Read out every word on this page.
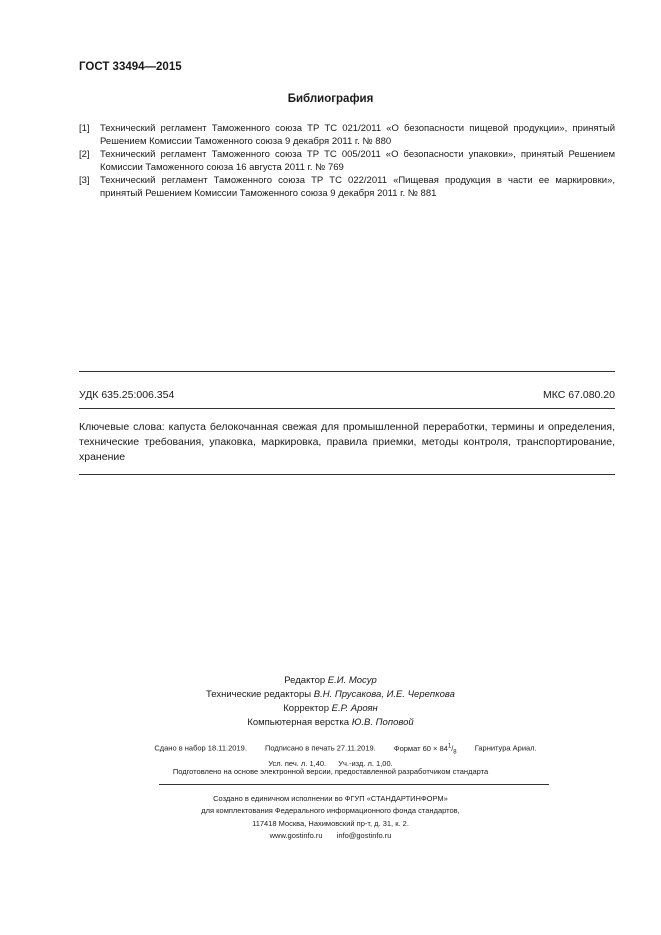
ГОСТ 33494—2015
Библиография
[1]	Технический регламент Таможенного союза ТР ТС 021/2011 «О безопасности пищевой продукции», принятый Решением Комиссии Таможенного союза 9 декабря 2011 г. № 880
[2]	Технический регламент Таможенного союза ТР ТС 005/2011 «О безопасности упаковки», принятый Решением Комиссии Таможенного союза 16 августа 2011 г. № 769
[3]	Технический регламент Таможенного союза ТР ТС 022/2011 «Пищевая продукция в части ее маркировки», принятый Решением Комиссии Таможенного союза 9 декабря 2011 г. № 881
УДК 635.25:006.354	МКС 67.080.20
Ключевые слова: капуста белокочанная свежая для промышленной переработки, термины и определения, технические требования, упаковка, маркировка, правила приемки, методы контроля, транспортирование, хранение
Редактор Е.И. Мосур
Технические редакторы В.Н. Прусакова, И.Е. Черепкова
Корректор Е.Р. Ароян
Компьютерная верстка Ю.В. Поповой
Сдано в набор 18.11.2019. Подписано в печать 27.11.2019. Формат $60 \times 84^1/_8$ Гарнитура Ариал.
Усл. печ. л. 1,40. Уч.-изд. л. 1,00.
Подготовлено на основе электронной версии, предоставленной разработчиком стандарта
Создано в единичном исполнении во ФГУП «СТАНДАРТИНФОРМ»
для комплектования Федерального информационного фонда стандартов,
117418 Москва, Нахимовский пр-т, д. 31, к. 2.
www.gostinfo.ru info@gostinfo.ru
